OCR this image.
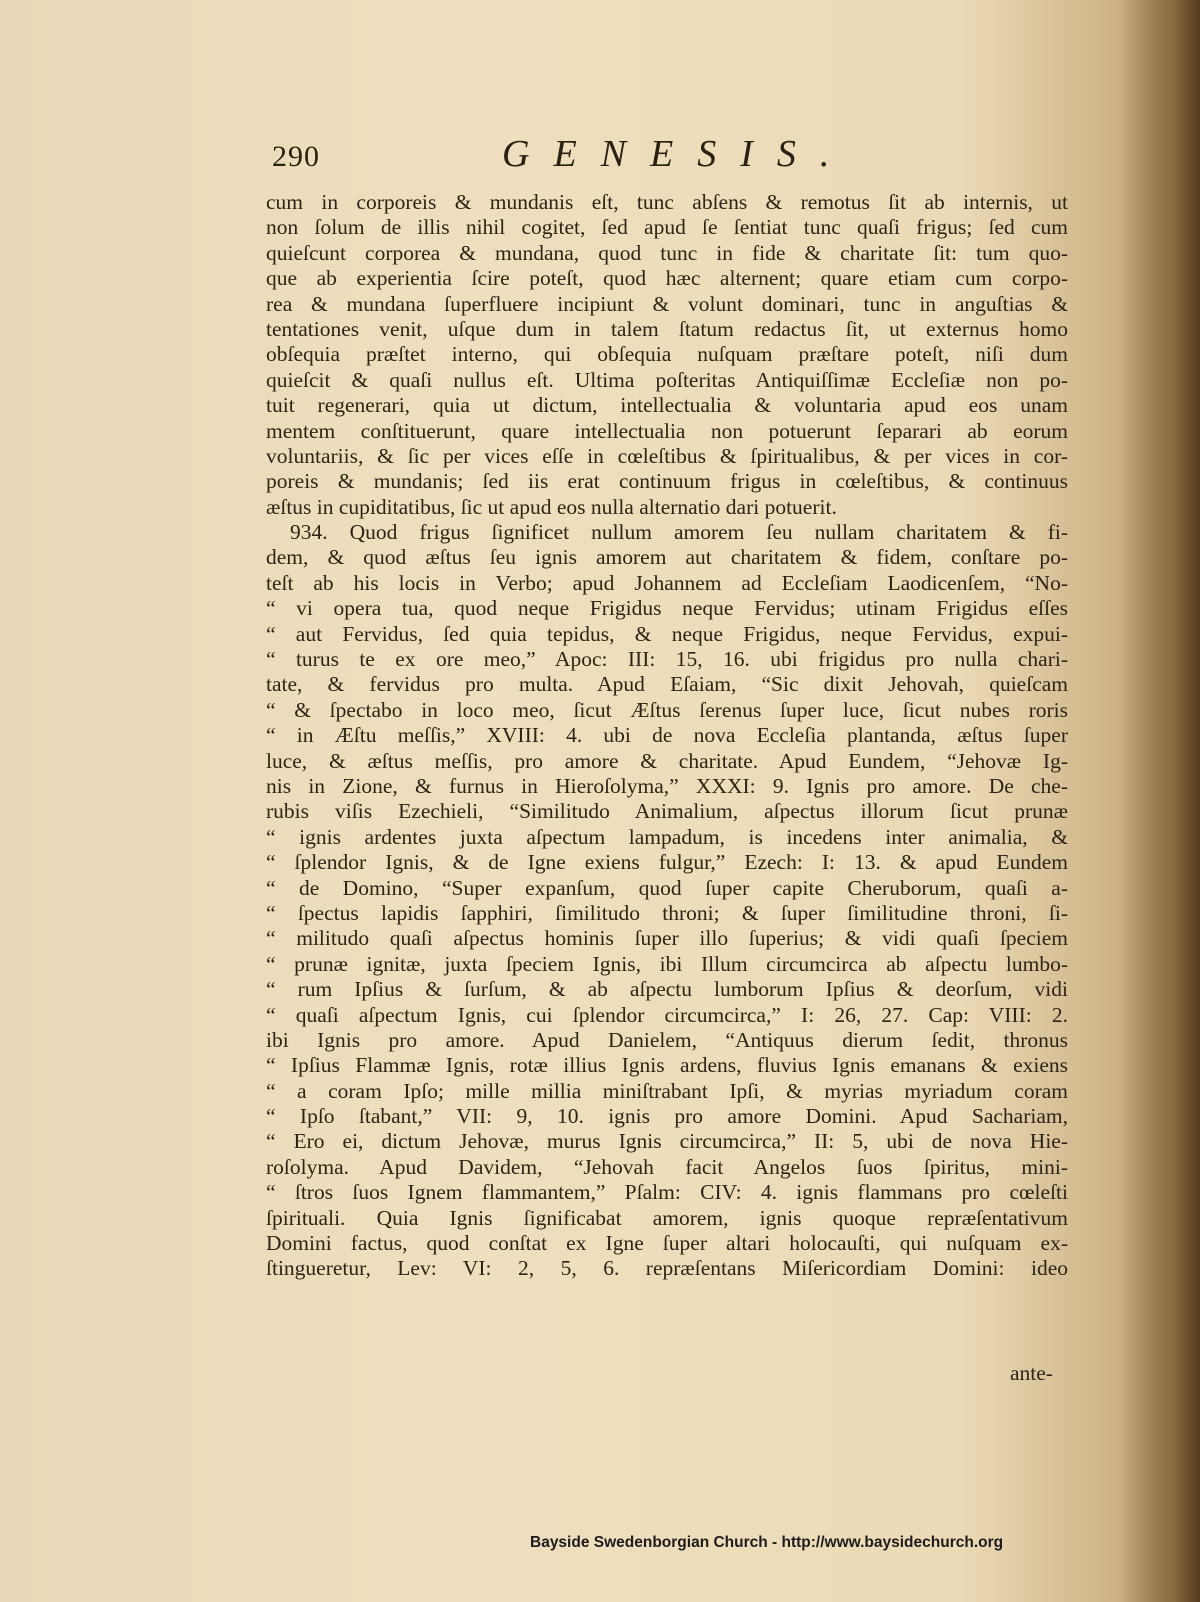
290	GENESIS.
cum in corporeis & mundanis eſt, tunc abſens & remotus ſit ab internis, ut
non ſolum de illis nihil cogitet, ſed apud ſe ſentiat tunc quaſi frigus; ſed cum
quieſcunt corporea & mundana, quod tunc in fide & charitate ſit: tum quo-
que ab experientia ſcire poteſt, quod hæc alternent; quare etiam cum corpo-
rea & mundana ſuperfluere incipiunt & volunt dominari, tunc in anguſtias &
tentationes venit, uſque dum in talem ſtatum redactus ſit, ut externus homo
obſequia præſtet interno, qui obſequia nuſquam præſtare poteſt, niſi dum
quieſcit & quaſi nullus eſt. Ultima poſteritas Antiquiſſimæ Eccleſiæ non po-
tuit regenerari, quia ut dictum, intellectualia & voluntaria apud eos unam
mentem conſtituerunt, quare intellectualia non potuerunt ſeparari ab eorum
voluntariis, & ſic per vices eſſe in cœleſtibus & ſpiritualibus, & per vices in cor-
poreis & mundanis; ſed iis erat continuum frigus in cœleſtibus, & continuus
æſtus in cupiditatibus, ſic ut apud eos nulla alternatio dari potuerit.
934. Quod frigus ſignificet nullum amorem ſeu nullam charitatem & fi-
dem, & quod æſtus ſeu ignis amorem aut charitatem & fidem, conſtare po-
teſt ab his locis in Verbo; apud Johannem ad Eccleſiam Laodicenſem, “No-
“ vi opera tua, quod neque Frigidus neque Fervidus; utinam Frigidus eſſes
“ aut Fervidus, ſed quia tepidus, & neque Frigidus, neque Fervidus, expui-
“ turus te ex ore meo,” Apoc: III: 15, 16. ubi frigidus pro nulla chari-
tate, & fervidus pro multa. Apud Eſaiam, “Sic dixit Jehovah, quieſcam
“ & ſpectabo in loco meo, ſicut Æſtus ſerenus ſuper luce, ſicut nubes roris
“ in Æſtu meſſis,” XVIII: 4. ubi de nova Eccleſia plantanda, æſtus ſuper
luce, & æſtus meſſis, pro amore & charitate. Apud Eundem, “Jehovæ Ig-
nis in Zione, & furnus in Hieroſolyma,” XXXI: 9. Ignis pro amore. De che-
rubis viſis Ezechieli, “Similitudo Animalium, aſpectus illorum ſicut prunæ
“ ignis ardentes juxta aſpectum lampadum, is incedens inter animalia, &
“ ſplendor Ignis, & de Igne exiens fulgur,” Ezech: I: 13. & apud Eundem
“ de Domino, “Super expanſum, quod ſuper capite Cheruborum, quaſi a-
“ ſpectus lapidis ſapphiri, ſimilitudo throni; & ſuper ſimilitudine throni, ſi-
“ militudo quaſi aſpectus hominis ſuper illo ſuperius; & vidi quaſi ſpeciem
“ prunæ ignitæ, juxta ſpeciem Ignis, ibi Illum circumcirca ab aſpectu lumbo-
“ rum Ipſius & ſurſum, & ab aſpectu lumborum Ipſius & deorſum, vidi
“ quaſi aſpectum Ignis, cui ſplendor circumcirca,” I: 26, 27. Cap: VIII: 2.
ibi Ignis pro amore. Apud Danielem, “Antiquus dierum ſedit, thronus
“ Ipſius Flammæ Ignis, rotæ illius Ignis ardens, fluvius Ignis emanans & exiens
“ a coram Ipſo; mille millia miniſtrabant Ipſi, & myrias myriadum coram
“ Ipſo ſtabant,” VII: 9, 10. ignis pro amore Domini. Apud Sachariam,
“ Ero ei, dictum Jehovæ, murus Ignis circumcirca,” II: 5, ubi de nova Hie-
roſolyma. Apud Davidem, “Jehovah facit Angelos ſuos ſpiritus, mini-
“ ſtros ſuos Ignem flammantem,” Pſalm: CIV: 4. ignis flammans pro cœleſti
ſpirituali. Quia Ignis ſignificabat amorem, ignis quoque repræſentativum
Domini factus, quod conſtat ex Igne ſuper altari holocauſti, qui nuſquam ex-
ſtingueretur, Lev: VI: 2, 5, 6. repræſentans Miſericordiam Domini: ideo
ante-
Bayside Swedenborgian Church - http://www.baysidechurch.org
